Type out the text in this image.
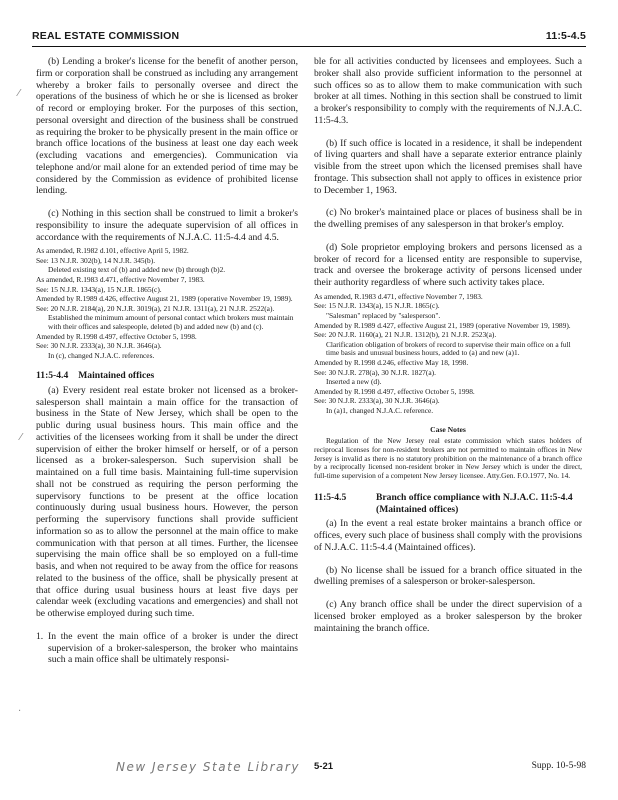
REAL ESTATE COMMISSION	11:5-4.5
⁄
⁄
·

(b) Lending a broker's license for the benefit of another person, firm or corporation shall be construed as including any arrangement whereby a broker fails to personally oversee and direct the operations of the business of which he or she is licensed as broker of record or employing broker. For the purposes of this section, personal oversight and direction of the business shall be construed as requiring the broker to be physically present in the main office or branch office locations of the business at least one day each week (excluding vacations and emergencies). Communication via telephone and/or mail alone for an extended period of time may be considered by the Commission as evidence of prohibited license lending.

(c) Nothing in this section shall be construed to limit a broker's responsibility to insure the adequate supervision of all offices in accordance with the requirements of N.J.A.C. 11:5-4.4 and 4.5.

As amended, R.1982 d.101, effective April 5, 1982.
See: 13 N.J.R. 302(b), 14 N.J.R. 345(b).
Deleted existing text of (b) and added new (b) through (b)2.
As amended, R.1983 d.471, effective November 7, 1983.
See: 15 N.J.R. 1343(a), 15 N.J.R. 1865(c).
Amended by R.1989 d.426, effective August 21, 1989 (operative November 19, 1989).
See: 20 N.J.R. 2184(a), 20 N.J.R. 3019(a), 21 N.J.R. 1311(a), 21 N.J.R. 2522(a).
Established the minimum amount of personal contact which brokers must maintain with their offices and salespeople, deleted (b) and added new (b) and (c).
Amended by R.1998 d.497, effective October 5, 1998.
See: 30 N.J.R. 2333(a), 30 N.J.R. 3646(a).
In (c), changed N.J.A.C. references.
11:5-4.4 Maintained offices

(a) Every resident real estate broker not licensed as a broker-salesperson shall maintain a main office for the transaction of business in the State of New Jersey, which shall be open to the public during usual business hours. This main office and the activities of the licensees working from it shall be under the direct supervision of either the broker himself or herself, or of a person licensed as a broker-salesperson. Such supervision shall be maintained on a full time basis. Maintaining full-time supervision shall not be construed as requiring the person performing the supervisory functions to be present at the office location continuously during usual business hours. However, the person performing the supervisory functions shall provide sufficient information so as to allow the personnel at the main office to make communication with that person at all times. Further, the licensee supervising the main office shall be so employed on a full-time basis, and when not required to be away from the office for reasons related to the business of the office, shall be physically present at that office during usual business hours at least five days per calendar week (excluding vacations and emergencies) and shall not be otherwise employed during such time.

1. In the event the main office of a broker is under the direct supervision of a broker-salesperson, the broker who maintains such a main office shall be ultimately responsi-

ble for all activities conducted by licensees and employees. Such a broker shall also provide sufficient information to the personnel at such offices so as to allow them to make communication with such broker at all times. Nothing in this section shall be construed to limit a broker's responsibility to comply with the requirements of N.J.A.C. 11:5-4.3.

(b) If such office is located in a residence, it shall be independent of living quarters and shall have a separate exterior entrance plainly visible from the street upon which the licensed premises shall have frontage. This subsection shall not apply to offices in existence prior to December 1, 1963.

(c) No broker's maintained place or places of business shall be in the dwelling premises of any salesperson in that broker's employ.

(d) Sole proprietor employing brokers and persons licensed as a broker of record for a licensed entity are responsible to supervise, track and oversee the brokerage activity of persons licensed under their authority regardless of where such activity takes place.

As amended, R.1983 d.471, effective November 7, 1983.
See: 15 N.J.R. 1343(a), 15 N.J.R. 1865(c).
"Salesman" replaced by "salesperson".
Amended by R.1989 d.427, effective August 21, 1989 (operative November 19, 1989).
See: 20 N.J.R. 1160(a), 21 N.J.R. 1312(b), 21 N.J.R. 2523(a).
Clarification obligation of brokers of record to supervise their main office on a full time basis and unusual business hours, added to (a) and new (a)1.
Amended by R.1998 d.246, effective May 18, 1998.
See: 30 N.J.R. 278(a), 30 N.J.R. 1827(a).
Inserted a new (d).
Amended by R.1998 d.497, effective October 5, 1998.
See: 30 N.J.R. 2333(a), 30 N.J.R. 3646(a).
In (a)1, changed N.J.A.C. reference.
Case Notes

Regulation of the New Jersey real estate commission which states holders of reciprocal licenses for non-resident brokers are not permitted to maintain offices in New Jersey is invalid as there is no statutory prohibition on the maintenance of a branch office by a reciprocally licensed non-resident broker in New Jersey which is under the direct, full-time supervision of a competent New Jersey licensee. Atty.Gen. F.O.1977, No. 14.

11:5-4.5	Branch office compliance with N.J.A.C. 11:5-4.4 (Maintained offices)

(a) In the event a real estate broker maintains a branch office or offices, every such place of business shall comply with the provisions of N.J.A.C. 11:5-4.4 (Maintained offices).

(b) No license shall be issued for a branch office situated in the dwelling premises of a salesperson or broker-salesperson.

(c) Any branch office shall be under the direct supervision of a licensed broker employed as a broker salesperson by the broker maintaining the branch office.

New Jersey State Library 5-21	Supp. 10-5-98
